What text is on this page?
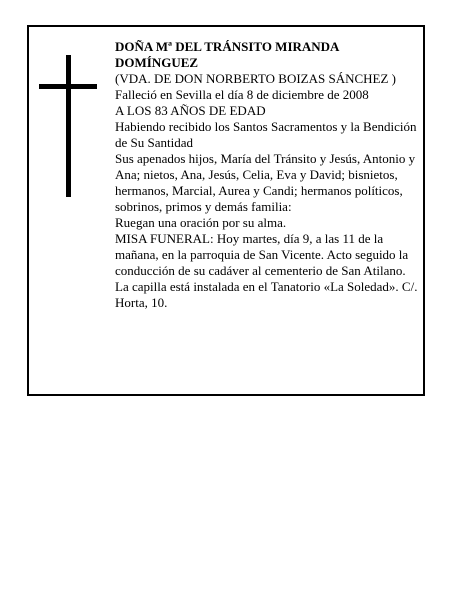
DOÑA Mª DEL TRÁNSITO MIRANDA DOMÍNGUEZ

(VDA. DE DON NORBERTO BOIZAS SÁNCHEZ )

Falleció en Sevilla el día 8 de diciembre de 2008

A LOS 83 AÑOS DE EDAD

Habiendo recibido los Santos Sacramentos y la Bendición de Su Santidad

Sus apenados hijos, María del Tránsito y Jesús, Antonio y Ana; nietos, Ana, Jesús, Celia, Eva y David; bisnietos, hermanos, Marcial, Aurea y Candi; hermanos políticos, sobrinos, primos y demás familia:

Ruegan una oración por su alma.

MISA FUNERAL: Hoy martes, día 9, a las 11 de la mañana, en la parroquia de San Vicente. Acto seguido la conducción de su cadáver al cementerio de San Atilano.

La capilla está instalada en el Tanatorio «La Soledad». C/. Horta, 10.
